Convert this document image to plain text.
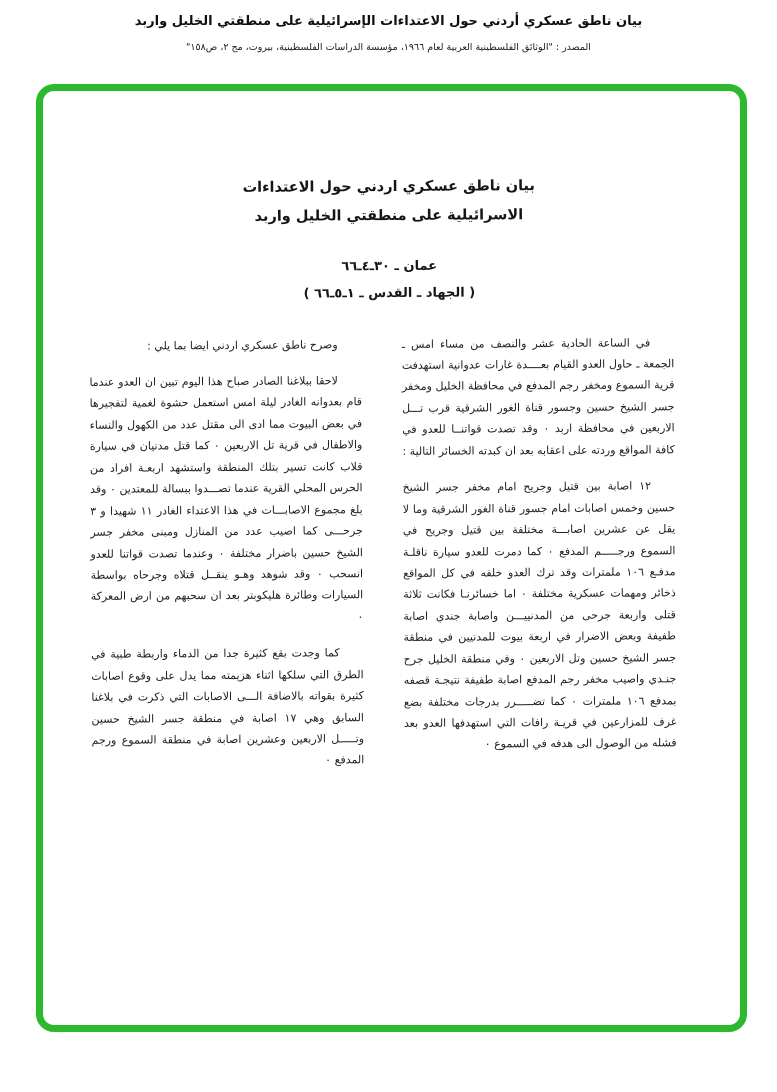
بيان ناطق عسكري أردني حول الاعتداءات الإسرائيلية على منطقتي الخليل واربد
المصدر : "الوثائق الفلسطينية العربية لعام ١٩٦٦، مؤسسة الدراسات الفلسطينية، بيروت، مج ٢، ص١٥٨"
بيان ناطق عسكري اردني حول الاعتداءات
الاسرائيلية على منطقتي الخليل واربد
عمان ـ ٣٠ـ٤ـ٦٦
( الجهاد ـ القدس ـ ١ـ٥ـ٦٦ )

في الساعة الحادية عشر والنصف من مساء امس ـ الجمعة ـ حاول العدو القيام بعــــدة غارات عدوانية استهدفت قرية السموع ومخفر رجم المدفع في محافظة الخليل ومخفر جسر الشيخ حسين وجسور قناة الغور الشرقية قرب تـــل الاربعين في محافظة اربد ٠ وقد تصدت قواتنــا للعدو في كافة المواقع وردته على اعقابه بعد ان كبدته الخسائر التالية :

١٢ اصابة بين قتيل وجريح امام مخفر جسر الشيخ حسين وخمس اصابات امام جسور قناة الغور الشرقية وما لا يقل عن عشرين اصابـــة مختلفة بين قتيل وجريح في السموع ورجـــــم المدفع ٠ كما دمرت للعدو سيارة ناقلـة مدفـع ١٠٦ ملمترات وقد ترك العدو خلفه في كل المواقع ذخائر ومهمات عسكرية مختلفة ٠ اما خسائرنـا فكانت ثلاثة قتلى واربعة جرحى من المدنييـــن واصابة جندي اصابة طفيفة وبعض الاضرار في اربعة بيوت للمدنيين في منطقة جسر الشيخ حسين وتل الاربعين ٠ وفي منطقة الخليل جرح جنـدي واصيب مخفر رجم المدفع اصابة طفيفة نتيجـة قصفه بمدفع ١٠٦ ملمترات ٠ كما تضـــــرر بدرجات مختلفة بضع غرف للمزارعين في قريـة رافات التي استهدفها العدو بعد فشله من الوصول الى هدفه في السموع ٠

وصرح ناطق عسكري اردني ايضا بما يلي :

لاحقا ببلاغنا الصادر صباح هذا اليوم تبين ان العدو عندما قام بعدوانه الغادر ليلة امس استعمل حشوة لغمية لتفجيرها في بعض البيوت مما ادى الى مقتل عدد من الكهول والنساء والاطفال في قرية تل الاربعين ٠ كما قتل مدنيان في سيارة قلاب كانت تسير بتلك المنطقة واستشهد اربعـة افراد من الحرس المحلي القرية عندما تصـــدوا ببسالة للمعتدين ٠ وقد بلغ مجموع الاصابـــات في هذا الاعتداء الغادر ١١ شهيدا و ٣ جرحـــى كما اصيب عدد من المنازل ومبنى مخفر جسر الشيخ حسين باضرار مختلفة ٠ وعندما تصدت قواتنا للعدو انسحب ٠ وقد شوهد وهـو ينقــل قتلاه وجرحاه بواسطة السيارات وطائرة هليكوبتر بعد ان سحبهم من ارض المعركة ٠

كما وجدت بقع كثيرة جدا من الدماء واربطة طبية في الطرق التي سلكها اثناء هزيمته مما يدل على وقوع اصابات كثيرة بقواته بالاضافة الـــى الاصابات التي ذكرت في بلاغنا السابق وهي ١٧ اصابة في منطقة جسر الشيخ حسين وتـــــل الاربعين وعشرين اصابة في منطقة السموع ورجم المدفع ٠
